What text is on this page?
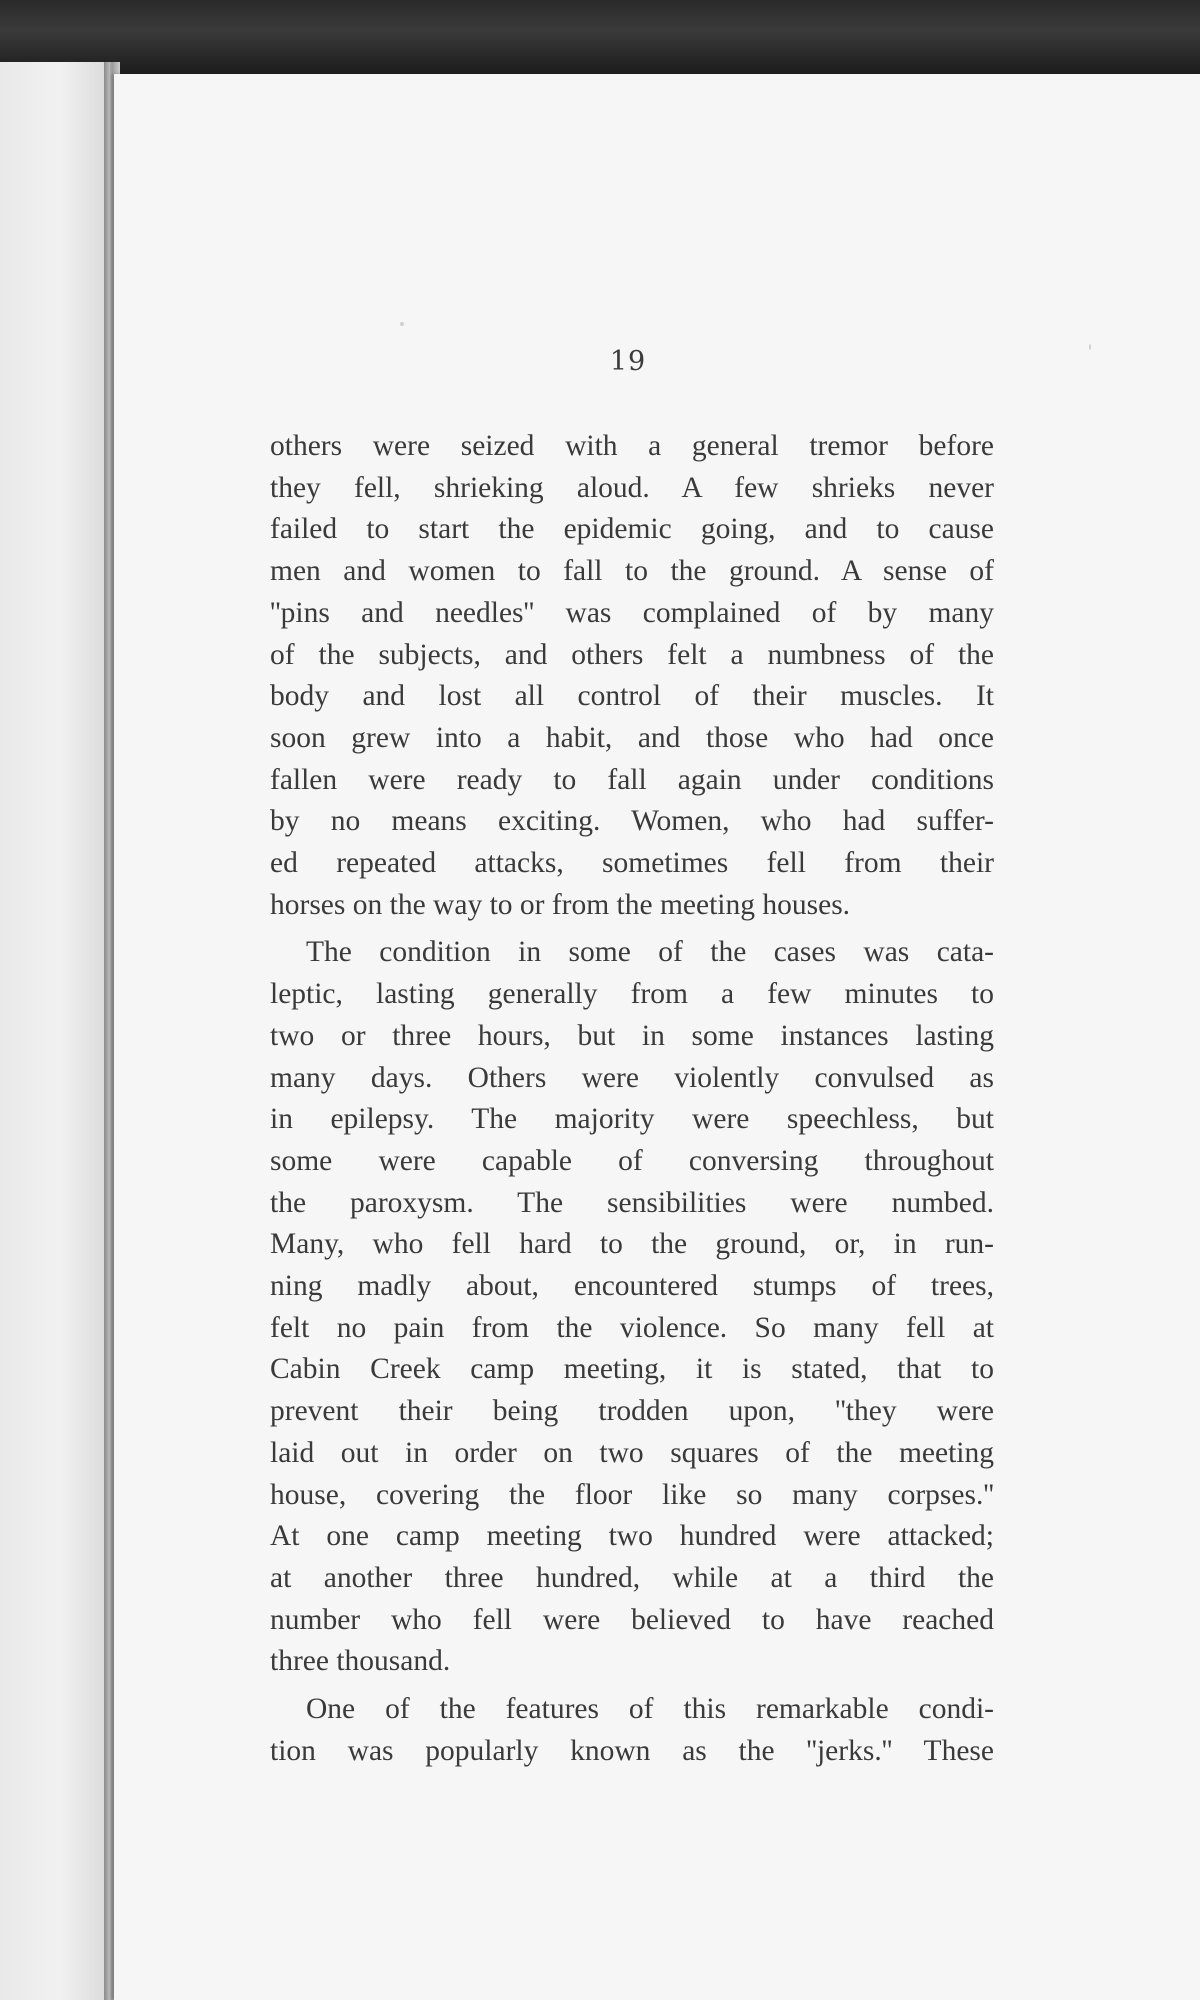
19

others were seized with a general tremor before
they fell, shrieking aloud. A few shrieks never
failed to start the epidemic going, and to cause
men and women to fall to the ground. A sense of
''pins and needles'' was complained of by many
of the subjects, and others felt a numbness of the
body and lost all control of their muscles. It
soon grew into a habit, and those who had once
fallen were ready to fall again under conditions
by no means exciting. Women, who had suffer-
ed repeated attacks, sometimes fell from their
horses on the way to or from the meeting houses.

The condition in some of the cases was cata-
leptic, lasting generally from a few minutes to
two or three hours, but in some instances lasting
many days. Others were violently convulsed as
in epilepsy. The majority were speechless, but
some were capable of conversing throughout
the paroxysm. The sensibilities were numbed.
Many, who fell hard to the ground, or, in run-
ning madly about, encountered stumps of trees,
felt no pain from the violence. So many fell at
Cabin Creek camp meeting, it is stated, that to
prevent their being trodden upon, ''they were
laid out in order on two squares of the meeting
house, covering the floor like so many corpses.''
At one camp meeting two hundred were attacked;
at another three hundred, while at a third the
number who fell were believed to have reached
three thousand.

One of the features of this remarkable condi-
tion was popularly known as the ''jerks.'' These
